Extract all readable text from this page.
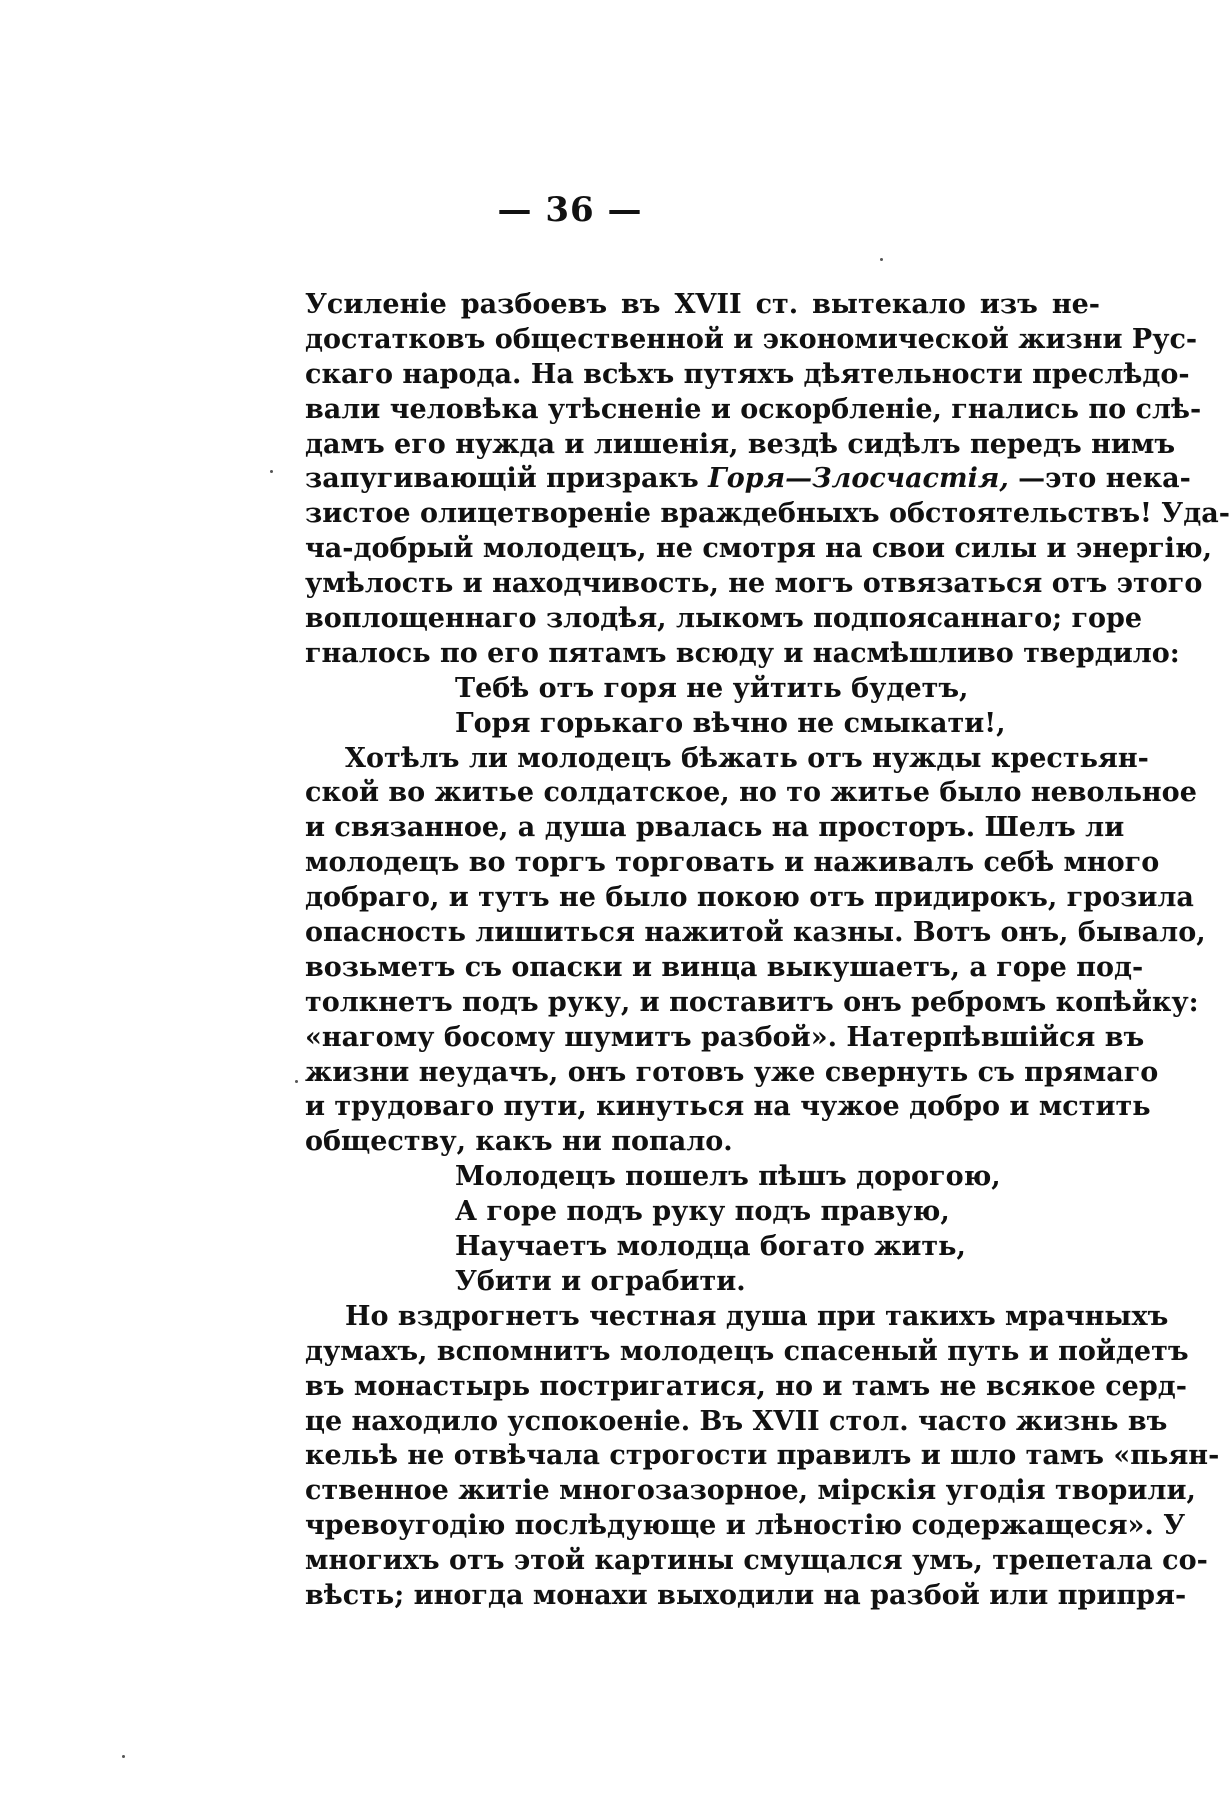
— 36 —
Усиленіе разбоевъ въ XVII ст. вытекало изъ не-
достатковъ общественной и экономической жизни Рус-
скаго народа. На всѣхъ путяхъ дѣятельности преслѣдо-
вали человѣка утѣсненіе и оскорбленіе, гнались по слѣ-
дамъ его нужда и лишенія, вездѣ сидѣлъ передъ нимъ
запугивающій призракъ Горя—Злосчастія, —это нека-
зистое олицетвореніе враждебныхъ обстоятельствъ! Уда-
ча-добрый молодецъ, не смотря на свои силы и энергію,
умѣлость и находчивость, не могъ отвязаться отъ этого
воплощеннаго злодѣя, лыкомъ подпоясаннаго; горе
гналось по его пятамъ всюду и насмѣшливо твердило:
Тебѣ отъ горя не уйтить будетъ,
Горя горькаго вѣчно не смыкати!,
Хотѣлъ ли молодецъ бѣжать отъ нужды крестьян-
ской во житье солдатское, но то житье было невольное
и связанное, а душа рвалась на просторъ. Шелъ ли
молодецъ во торгъ торговать и наживалъ себѣ много
добраго, и тутъ не было покою отъ придирокъ, грозила
опасность лишиться нажитой казны. Вотъ онъ, бывало,
возьметъ съ опаски и винца выкушаетъ, а горе под-
толкнетъ подъ руку, и поставитъ онъ ребромъ копѣйку:
«нагому босому шумитъ разбой». Натерпѣвшійся въ
жизни неудачъ, онъ готовъ уже свернуть съ прямаго
и трудоваго пути, кинуться на чужое добро и мстить
обществу, какъ ни попало.
Молодецъ пошелъ пѣшъ дорогою,
А горе подъ руку подъ правую,
Научаетъ молодца богато жить,
Убити и ограбити.
Но вздрогнетъ честная душа при такихъ мрачныхъ
думахъ, вспомнитъ молодецъ спасеный путь и пойдетъ
въ монастырь постригатися, но и тамъ не всякое серд-
це находило успокоеніе. Въ XVII стол. часто жизнь въ
кельѣ не отвѣчала строгости правилъ и шло тамъ «пьян-
ственное житіе многозазорное, мірскія угодія творили,
чревоугодію послѣдующе и лѣностію содержащеся». У
многихъ отъ этой картины смущался умъ, трепетала со-
вѣсть; иногда монахи выходили на разбой или припря-
